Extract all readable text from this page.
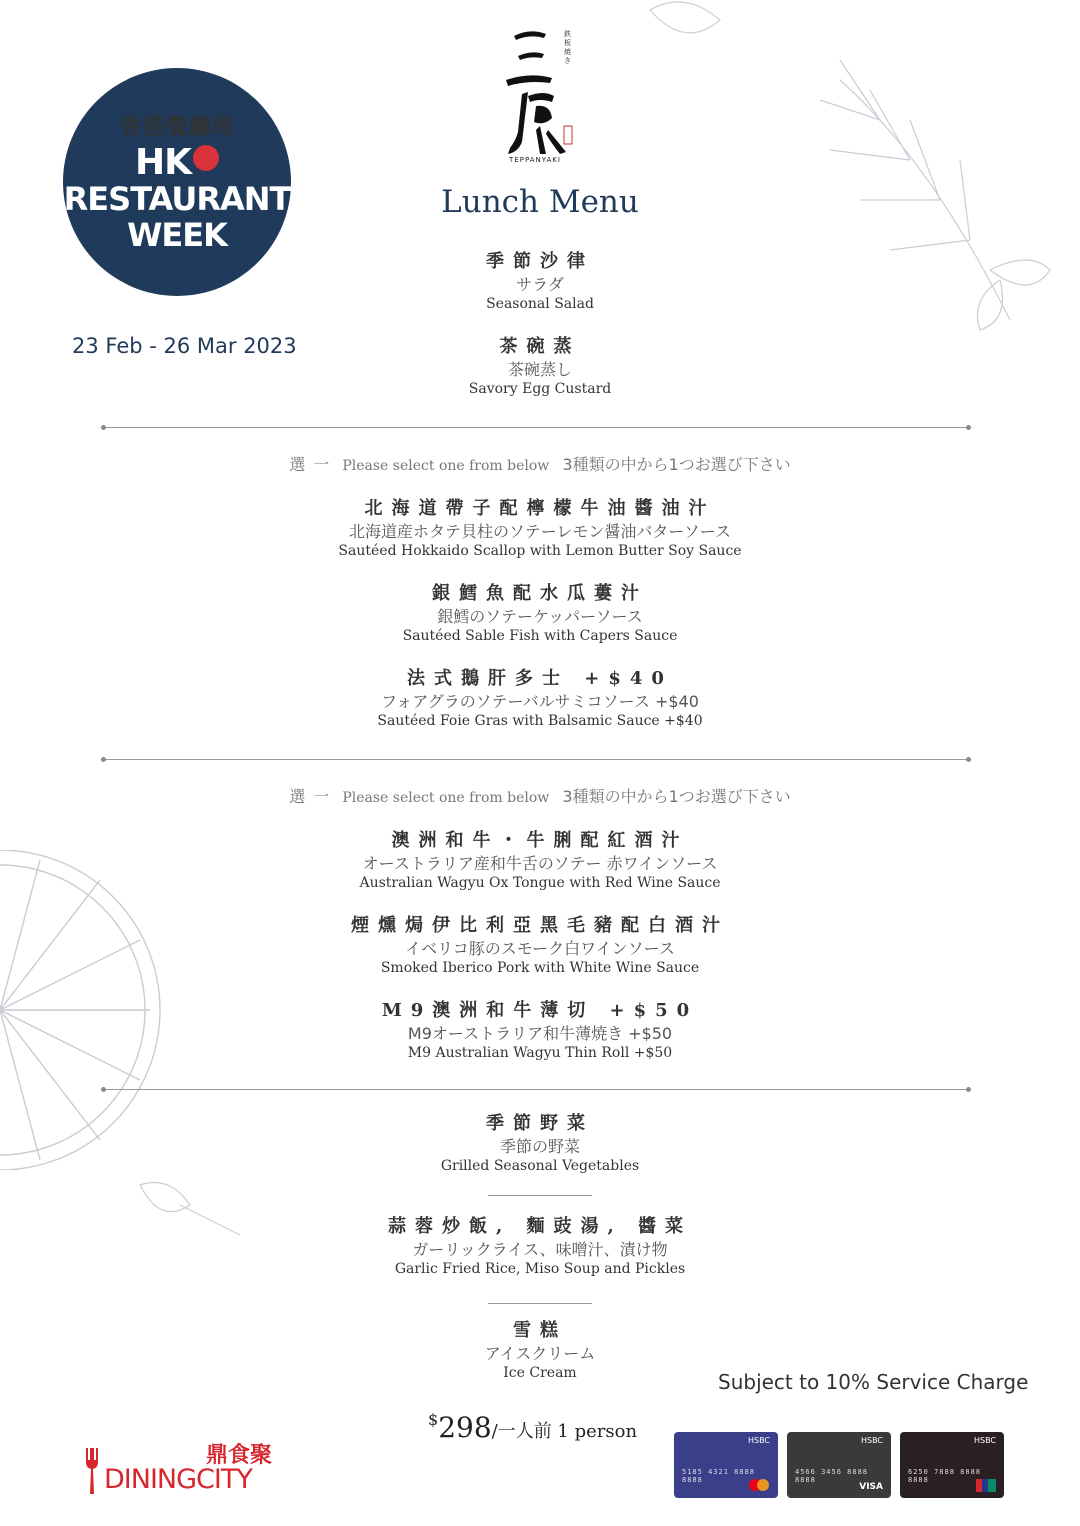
香港餐廳周
HK
RESTAURANT
WEEK
23 Feb - 26 Mar 2023
鉄
板
焼
き
TEPPANYAKI
Lunch Menu
季節沙律
サラダ
Seasonal Salad
茶碗蒸
茶碗蒸し
Savory Egg Custard
選一 Please select one from below 3種類の中から1つお選び下さい
北海道帶子配檸檬牛油醬油汁
北海道産ホタテ貝柱のソテーレモン醤油バターソース
Sautéed Hokkaido Scallop with Lemon Butter Soy Sauce
銀鱈魚配水瓜蔞汁
銀鱈のソテーケッパーソース
Sautéed Sable Fish with Capers Sauce
法式鵝肝多士 +$40
フォアグラのソテーバルサミコソース +$40
Sautéed Foie Gras with Balsamic Sauce +$40
選一 Please select one from below 3種類の中から1つお選び下さい
澳洲和牛・牛脷配紅酒汁
オーストラリア産和牛舌のソテー 赤ワインソース
Australian Wagyu Ox Tongue with Red Wine Sauce
煙燻焗伊比利亞黑毛豬配白酒汁
イベリコ豚のスモーク白ワインソース
Smoked Iberico Pork with White Wine Sauce
M9澳洲和牛薄切 +$50
M9オーストラリア和牛薄焼き +$50
M9 Australian Wagyu Thin Roll +$50
季節野菜
季節の野菜
Grilled Seasonal Vegetables
蒜蓉炒飯, 麵豉湯, 醬菜
ガーリックライス、味噌汁、漬け物
Garlic Fried Rice, Miso Soup and Pickles
雪糕
アイスクリーム
Ice Cream	Subject to 10% Service Charge
$298/一人前 1 person
鼎食聚
DININGCITY
HSBC
5185 4321 8888 8888
HSBC
4566 3456 8888 8888
VISA
HSBC
6250 7888 8888 8888
